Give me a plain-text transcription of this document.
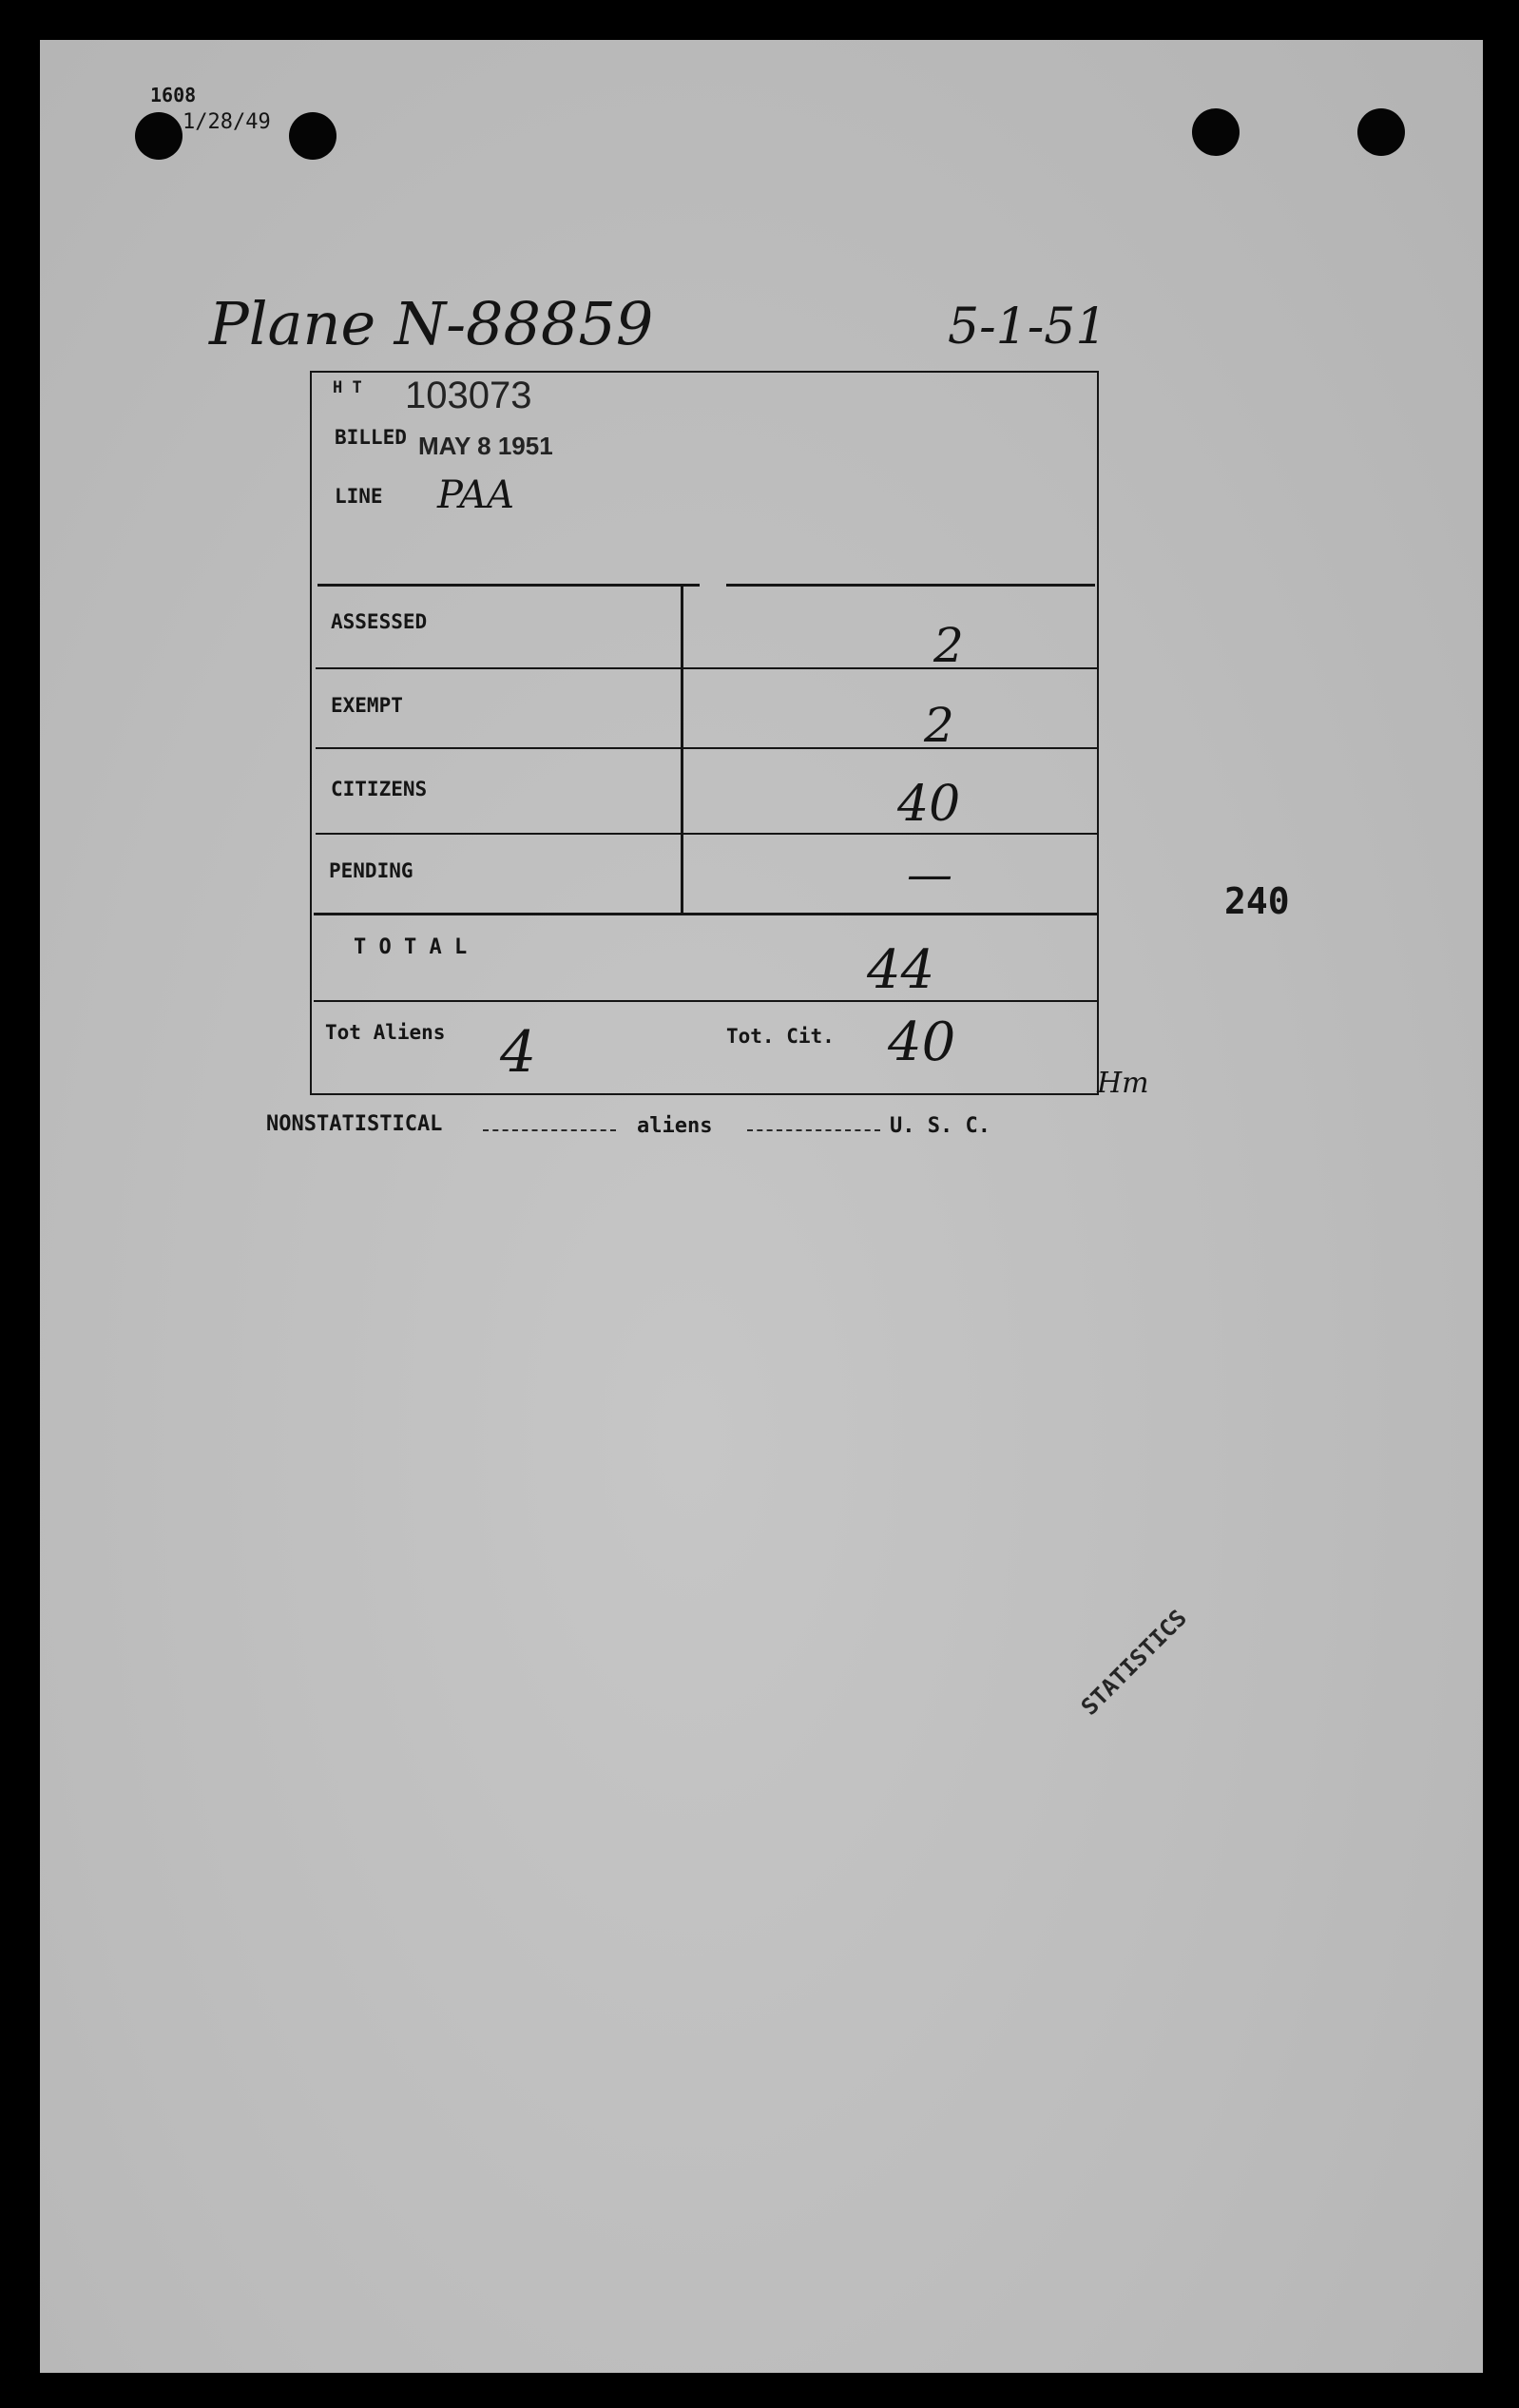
1608
1/28/49
Plane N-88859	5-1-51
H T 103073
BILLED MAY 8 1951
LINE PAA
ASSESSED	2
EXEMPT	2
CITIZENS	40
PENDING	—
T O T A L	44
Tot Aliens 4	Tot. Cit. 40
Hm
240
NONSTATISTICAL	aliens	U. S. C.
STATISTICS
